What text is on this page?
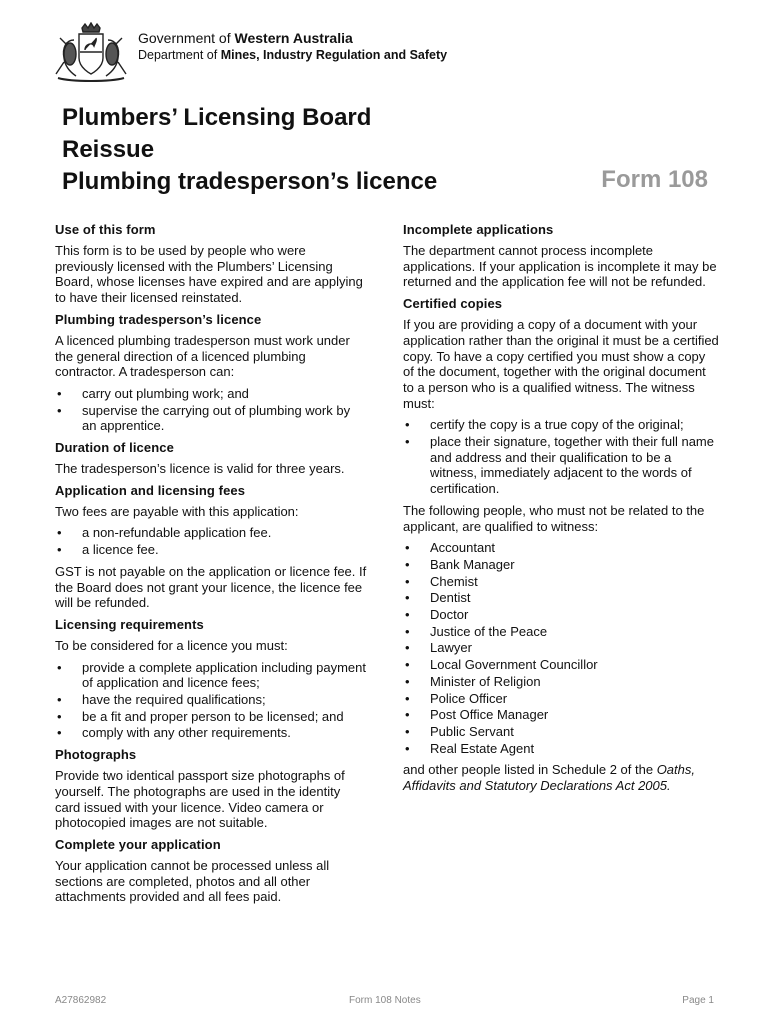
Government of Western Australia
Department of Mines, Industry Regulation and Safety
Plumbers’ Licensing Board
Reissue
Plumbing tradesperson’s licence	Form 108
Use of this form

This form is to be used by people who were previously licensed with the Plumbers’ Licensing Board, whose licenses have expired and are applying to have their licensed reinstated.

Plumbing tradesperson’s licence

A licenced plumbing tradesperson must work under the general direction of a licenced plumbing contractor. A tradesperson can:

• carry out plumbing work; and
• supervise the carrying out of plumbing work by an apprentice.
Duration of licence

The tradesperson’s licence is valid for three years.

Application and licensing fees

Two fees are payable with this application:

• a non-refundable application fee.
• a licence fee.

GST is not payable on the application or licence fee. If the Board does not grant your licence, the licence fee will be refunded.

Licensing requirements

To be considered for a licence you must:

• provide a complete application including payment of application and licence fees;
• have the required qualifications;
• be a fit and proper person to be licensed; and
• comply with any other requirements.
Photographs

Provide two identical passport size photographs of yourself. The photographs are used in the identity card issued with your licence. Video camera or photocopied images are not suitable.

Complete your application

Your application cannot be processed unless all sections are completed, photos and all other attachments provided and all fees paid.

Incomplete applications

The department cannot process incomplete applications. If your application is incomplete it may be returned and the application fee will not be refunded.

Certified copies

If you are providing a copy of a document with your application rather than the original it must be a certified copy. To have a copy certified you must show a copy of the document, together with the original document to a person who is a qualified witness. The witness must:

• certify the copy is a true copy of the original;
• place their signature, together with their full name and address and their qualification to be a witness, immediately adjacent to the words of certification.

The following people, who must not be related to the applicant, are qualified to witness:

• Accountant
• Bank Manager
• Chemist
• Dentist
• Doctor
• Justice of the Peace
• Lawyer
• Local Government Councillor
• Minister of Religion
• Police Officer
• Post Office Manager
• Public Servant
• Real Estate Agent

and other people listed in Schedule 2 of the Oaths, Affidavits and Statutory Declarations Act 2005.

A27862982	Form 108 Notes	Page 1
